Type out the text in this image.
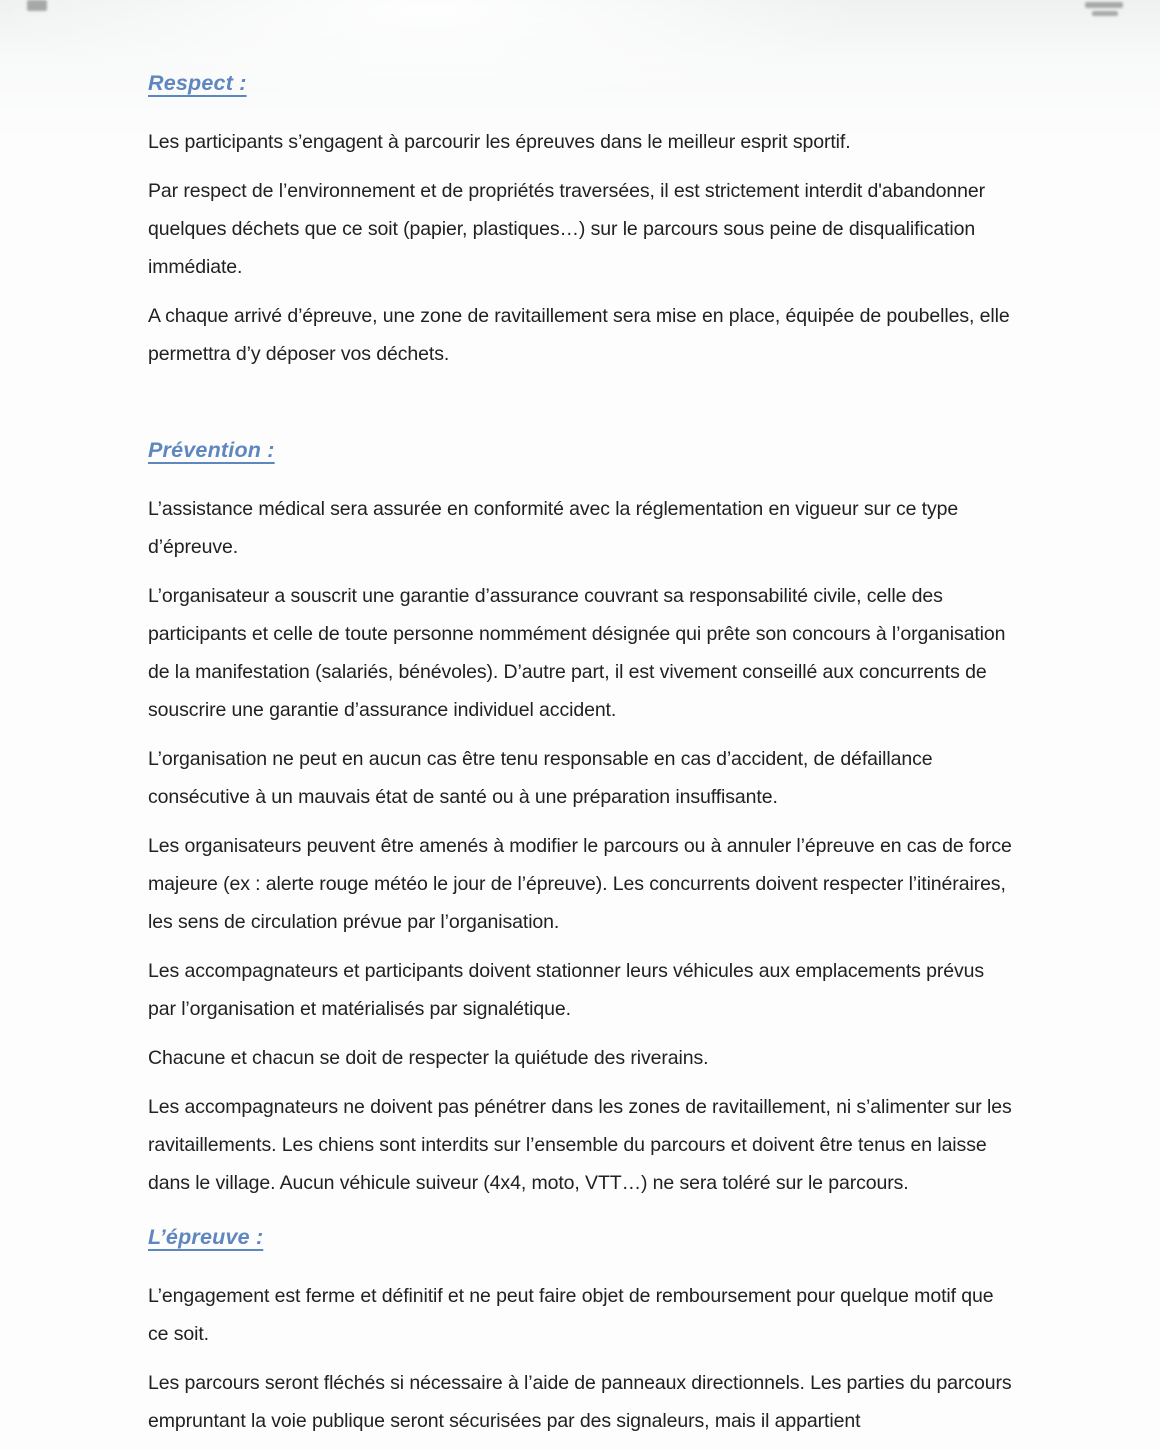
Respect :

Les participants s’engagent à parcourir les épreuves dans le meilleur esprit sportif.

Par respect de l’environnement et de propriétés traversées, il est strictement interdit d'abandonner quelques déchets que ce soit (papier, plastiques…) sur le parcours sous peine de disqualification immédiate.

A chaque arrivé d’épreuve, une zone de ravitaillement sera mise en place, équipée de poubelles, elle permettra d’y déposer vos déchets.

Prévention :

L’assistance médical sera assurée en conformité avec la réglementation en vigueur sur ce type d’épreuve.

L’organisateur a souscrit une garantie d’assurance couvrant sa responsabilité civile, celle des participants et celle de toute personne nommément désignée qui prête son concours à l’organisation de la manifestation (salariés, bénévoles). D’autre part, il est vivement conseillé aux concurrents de souscrire une garantie d’assurance individuel accident.

L’organisation ne peut en aucun cas être tenu responsable en cas d’accident, de défaillance consécutive à un mauvais état de santé ou à une préparation insuffisante.

Les organisateurs peuvent être amenés à modifier le parcours ou à annuler l’épreuve en cas de force majeure (ex : alerte rouge météo le jour de l’épreuve). Les concurrents doivent respecter l’itinéraires, les sens de circulation prévue par l’organisation.

Les accompagnateurs et participants doivent stationner leurs véhicules aux emplacements prévus par l’organisation et matérialisés par signalétique.

Chacune et chacun se doit de respecter la quiétude des riverains.

Les accompagnateurs ne doivent pas pénétrer dans les zones de ravitaillement, ni s’alimenter sur les ravitaillements. Les chiens sont interdits sur l’ensemble du parcours et doivent être tenus en laisse dans le village. Aucun véhicule suiveur (4x4, moto, VTT…) ne sera toléré sur le parcours.

L’épreuve :

L’engagement est ferme et définitif et ne peut faire objet de remboursement pour quelque motif que ce soit.

Les parcours seront fléchés si nécessaire à l’aide de panneaux directionnels. Les parties du parcours empruntant la voie publique seront sécurisées par des signaleurs, mais il appartient
